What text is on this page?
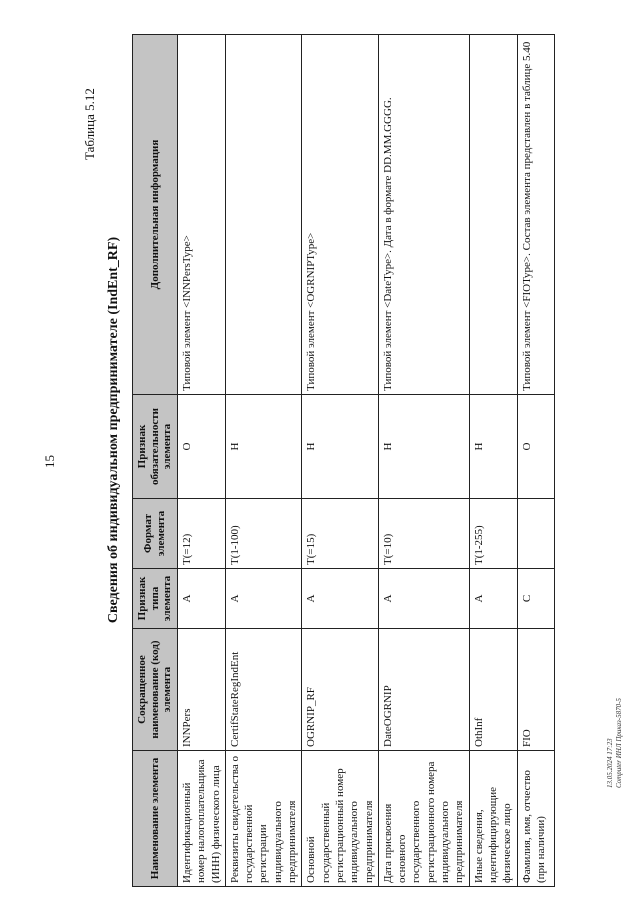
15
Таблица 5.12
Сведения об индивидуальном предпринимателе (IndEnt_RF)
Наименование элемента	Сокращенное наименование (код) элемента	Признак типа элемента	Формат элемента	Признак обязательности элемента	Дополнительная информация
Идентификационный номер налогоплательщика (ИНН) физического лица	INNPers	А	T(=12)	О	Типовой элемент <INNPersType>
Реквизиты свидетельства о государственной регистрации индивидуального предпринимателя	CertifStateRegIndEnt	А	T(1-100)	Н	
Основной государственный регистрационный номер индивидуального предпринимателя	OGRNIP_RF	А	T(=15)	Н	Типовой элемент <OGRNIPType>
Дата присвоения основного государственного регистрационного номера индивидуального предпринимателя	DateOGRNIP	А	T(=10)	Н	Типовой элемент <DateType>. Дата в формате DD.MM.GGGG.
Иные сведения, идентифицирующие физическое лицо	OthInf	А	T(1-255)	Н	
Фамилия, имя, отчество (при наличии)	FIO	С		О	Типовой элемент <FIOType>. Состав элемента представлен в таблице 5.40
13.05.2024 17:23 Computer ИНЛ Приказ-5870-5
